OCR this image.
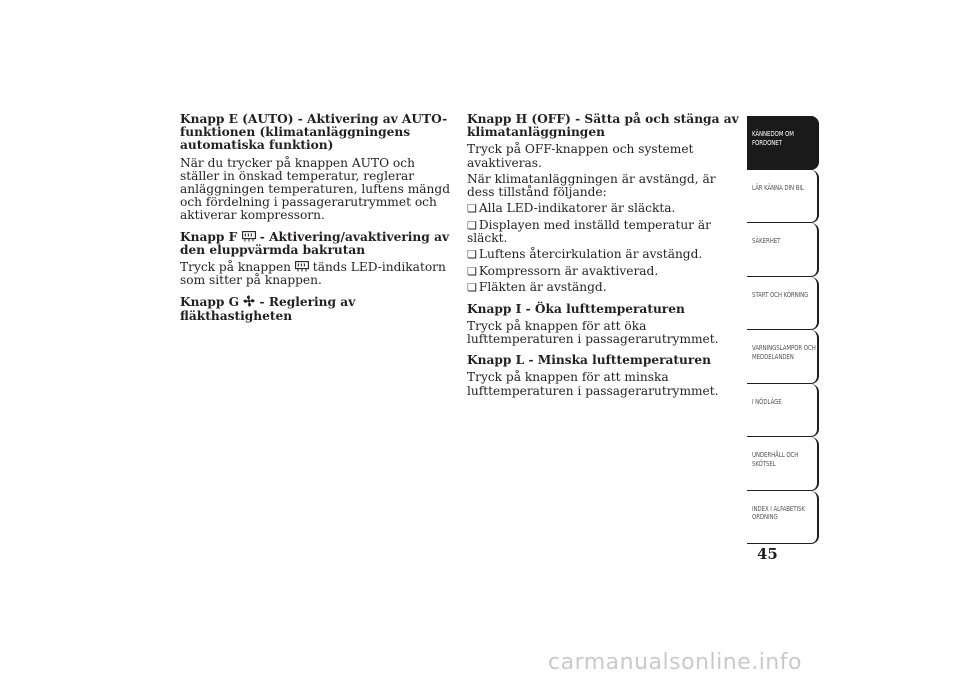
Knapp E (AUTO) - Aktivering av AUTO-funktionen (klimatanläggningens automatiska funktion)

När du trycker på knappen AUTO och ställer in önskad temperatur, reglerar anläggningen temperaturen, luftens mängd och fördelning i passagerarutrymmet och aktiverar kompressorn.

Knapp F  - Aktivering/avaktivering av den eluppvärmda bakrutan

Tryck på knappen  tänds LED-indikatorn som sitter på knappen.

Knapp G  - Reglering av fläkthastigheten
Knapp H (OFF) - Sätta på och stänga av klimatanläggningen

Tryck på OFF-knappen och systemet avaktiveras.

När klimatanläggningen är avstängd, är dess tillstånd följande:

❏ Alla LED-indikatorer är släckta.
❏ Displayen med inställd temperatur är släckt.
❏ Luftens återcirkulation är avstängd.
❏ Kompressorn är avaktiverad.
❏ Fläkten är avstängd.
Knapp I - Öka lufttemperaturen

Tryck på knappen för att öka lufttemperaturen i passagerarutrymmet.

Knapp L - Minska lufttemperaturen

Tryck på knappen för att minska lufttemperaturen i passagerarutrymmet.

KÄNNEDOM OM FORDONET
LÄR KÄNNA DIN BIL
SÄKERHET
START OCH KÖRNING
VARNINGSLAMPOR OCH MEDDELANDEN
I NÖDLÄGE
UNDERHÅLL OCH SKÖTSEL
INDEX I ALFABETISK ORDNING
45
carmanualsonline.info
